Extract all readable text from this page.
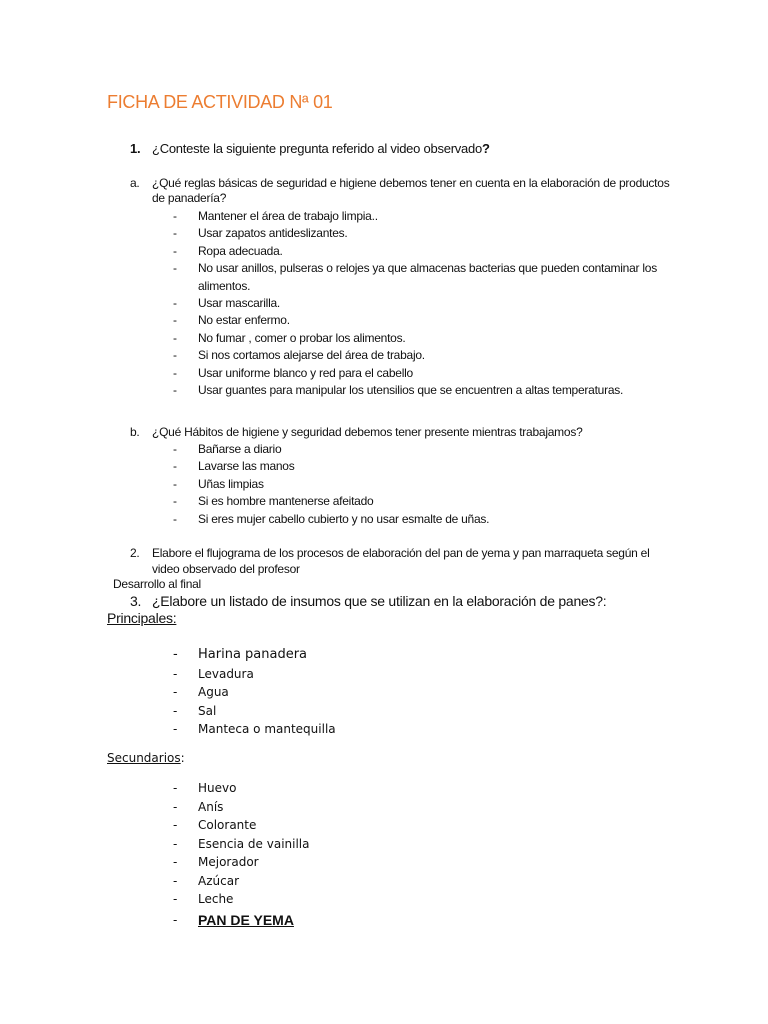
FICHA DE ACTIVIDAD Nª 01
1. ¿Conteste la siguiente pregunta referido al video observado?
a. ¿Qué reglas básicas de seguridad e higiene debemos tener en cuenta en la elaboración de productos
de panadería?
- Mantener el área de trabajo limpia..
- Usar zapatos antideslizantes.
- Ropa adecuada.
- No usar anillos, pulseras o relojes ya que almacenas bacterias que pueden contaminar los
alimentos.
- Usar mascarilla.
- No estar enfermo.
- No fumar , comer o probar los alimentos.
- Si nos cortamos alejarse del área de trabajo.
- Usar uniforme blanco y red para el cabello
- Usar guantes para manipular los utensilios que se encuentren a altas temperaturas.
b. ¿Qué Hábitos de higiene y seguridad debemos tener presente mientras trabajamos?
- Bañarse a diario
- Lavarse las manos
- Uñas limpias
- Si es hombre mantenerse afeitado
- Si eres mujer cabello cubierto y no usar esmalte de uñas.
2. Elabore el flujograma de los procesos de elaboración del pan de yema y pan marraqueta según el
video observado del profesor
Desarrollo al final
3. ¿Elabore un listado de insumos que se utilizan en la elaboración de panes?:
Principales:
- Harina panadera
- Levadura
- Agua
- Sal
- Manteca o mantequilla
Secundarios:
- Huevo
- Anís
- Colorante
- Esencia de vainilla
- Mejorador
- Azúcar
- Leche
- PAN DE YEMA
